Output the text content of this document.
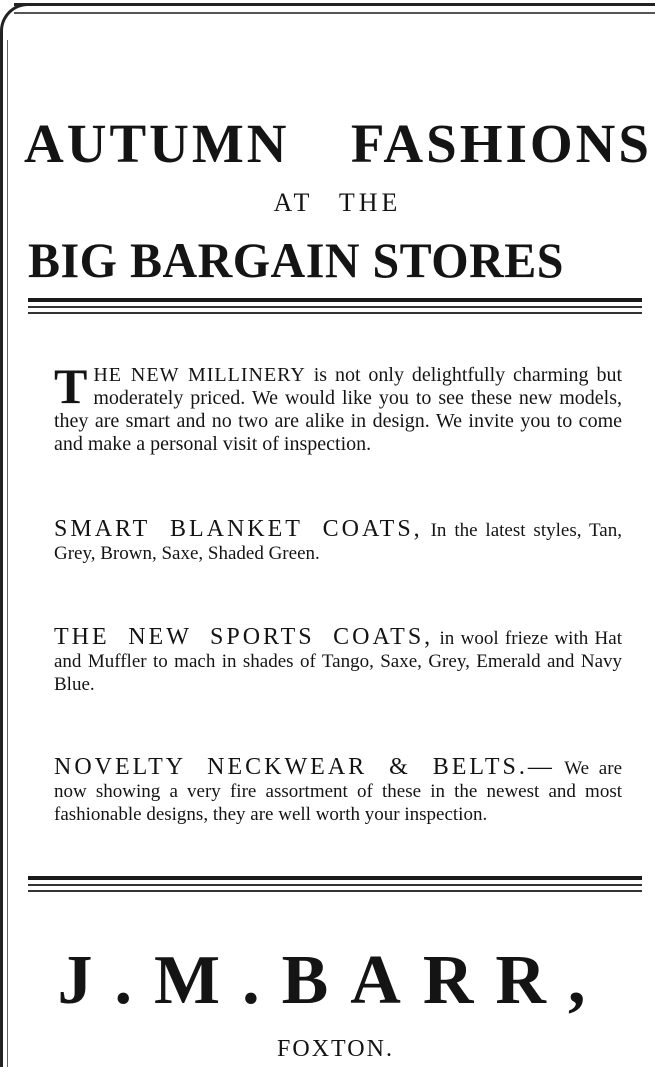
AUTUMN FASHIONS
AT THE
BIG BARGAIN STORES

THE NEW MILLINERY is not only delightfully charming but moderately priced. We would like you to see these new models, they are smart and no two are alike in design. We invite you to come and make a personal visit of inspection.

SMART BLANKET COATS, In the latest styles, Tan, Grey, Brown, Saxe, Shaded Green.

THE NEW SPORTS COATS, in wool frieze with Hat and Muffler to mach in shades of Tango, Saxe, Grey, Emerald and Navy Blue.

NOVELTY NECKWEAR & BELTS.— We are now showing a very fire assortment of these in the newest and most fashionable designs, they are well worth your inspection.

J. M. BARR,
FOXTON.
